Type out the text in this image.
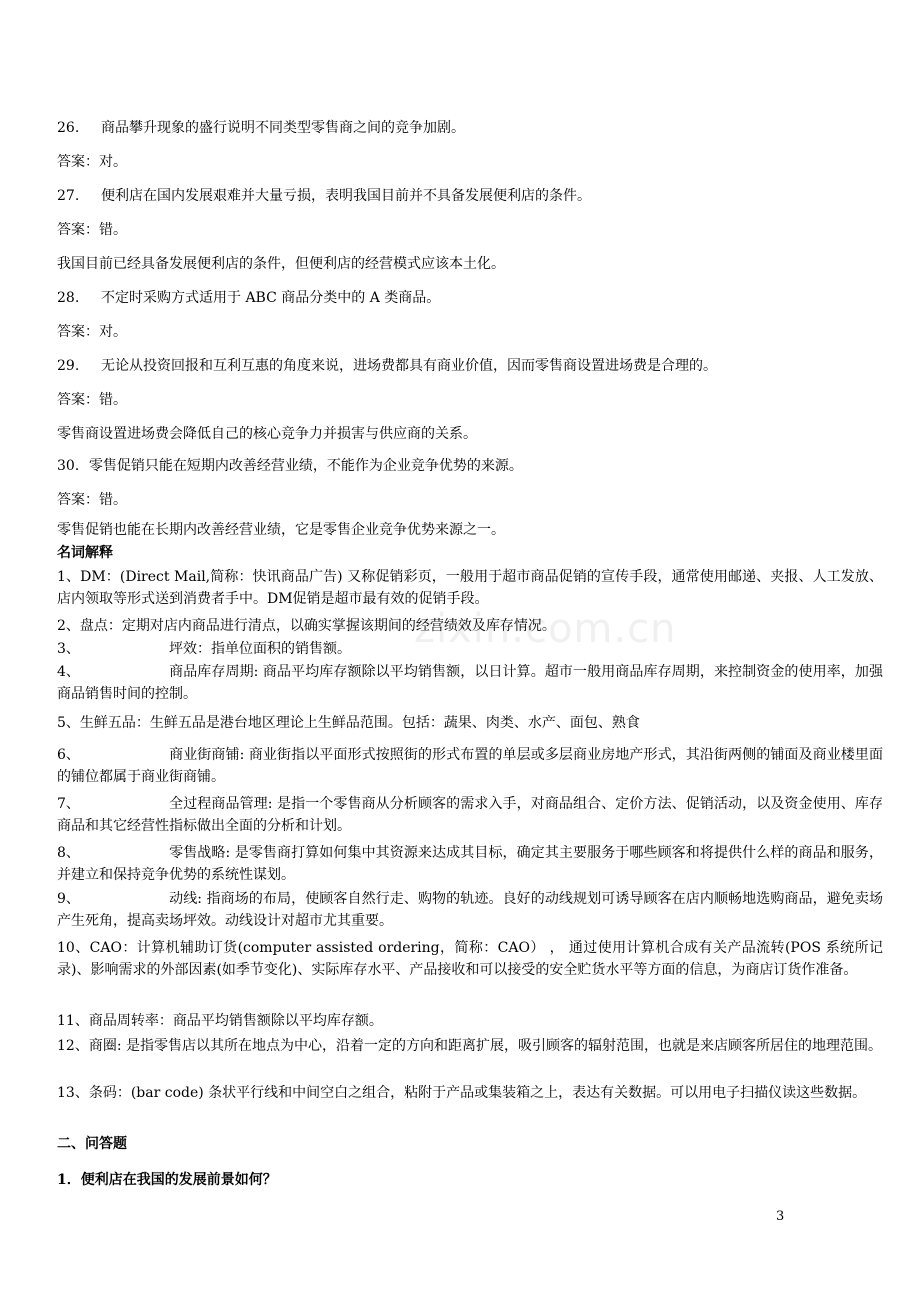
zixin.com.cn
26. 商品攀升现象的盛行说明不同类型零售商之间的竞争加剧。
答案：对。
27. 便利店在国内发展艰难并大量亏损，表明我国目前并不具备发展便利店的条件。
答案：错。
我国目前已经具备发展便利店的条件，但便利店的经营模式应该本土化。
28. 不定时采购方式适用于 ABC 商品分类中的 A 类商品。
答案：对。
29. 无论从投资回报和互利互惠的角度来说，进场费都具有商业价值，因而零售商设置进场费是合理的。
答案：错。
零售商设置进场费会降低自己的核心竞争力并损害与供应商的关系。
30．零售促销只能在短期内改善经营业绩，不能作为企业竞争优势的来源。
答案：错。
零售促销也能在长期内改善经营业绩，它是零售企业竞争优势来源之一。
名词解释
1、DM：(Direct Mail,简称：快讯商品广告) 又称促销彩页，一般用于超市商品促销的宣传手段，通常使用邮递、夹报、人工发放、店内领取等形式送到消费者手中。DM促销是超市最有效的促销手段。
2、盘点：定期对店内商品进行清点，以确实掌握该期间的经营绩效及库存情况。
3、	坪效：指单位面积的销售额。
4、	商品库存周期: 商品平均库存额除以平均销售额，以日计算。超市一般用商品库存周期，来控制资金的使用率，加强商品销售时间的控制。
5、生鲜五品：生鲜五品是港台地区理论上生鲜品范围。包括：蔬果、肉类、水产、面包、熟食
6、	商业街商铺: 商业街指以平面形式按照街的形式布置的单层或多层商业房地产形式，其沿街两侧的铺面及商业楼里面的铺位都属于商业街商铺。
7、	全过程商品管理: 是指一个零售商从分析顾客的需求入手，对商品组合、定价方法、促销活动，以及资金使用、库存商品和其它经营性指标做出全面的分析和计划。
8、	零售战略: 是零售商打算如何集中其资源来达成其目标，确定其主要服务于哪些顾客和将提供什么样的商品和服务，并建立和保持竞争优势的系统性谋划。
9、	动线: 指商场的布局，使顾客自然行走、购物的轨迹。良好的动线规划可诱导顾客在店内顺畅地选购商品，避免卖场产生死角，提高卖场坪效。动线设计对超市尤其重要。
10、CAO：计算机辅助订货(computer assisted ordering，简称：CAO） ， 通过使用计算机合成有关产品流转(POS 系统所记录)、影响需求的外部因素(如季节变化)、实际库存水平、产品接收和可以接受的安全贮货水平等方面的信息，为商店订货作准备。
11、商品周转率：商品平均销售额除以平均库存额。
12、商圈: 是指零售店以其所在地点为中心，沿着一定的方向和距离扩展，吸引顾客的辐射范围，也就是来店顾客所居住的地理范围。
13、条码：(bar code) 条状平行线和中间空白之组合，粘附于产品或集装箱之上，表达有关数据。可以用电子扫描仪读这些数据。
二、问答题
1．便利店在我国的发展前景如何？
3
